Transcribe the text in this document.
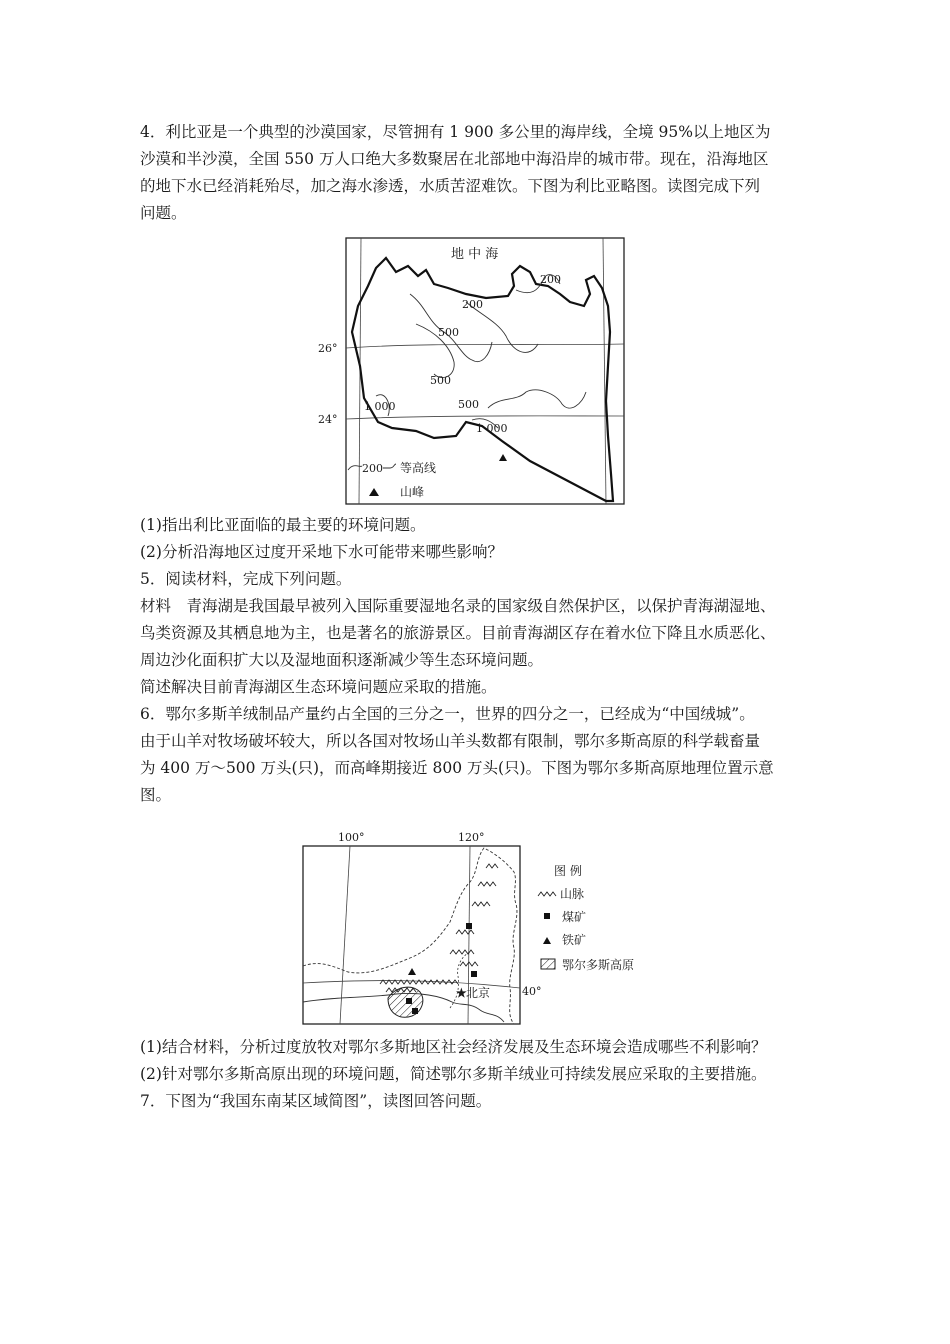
4．利比亚是一个典型的沙漠国家，尽管拥有 1 900 多公里的海岸线，全境 95%以上地区为
沙漠和半沙漠，全国 550 万人口绝大多数聚居在北部地中海沿岸的城市带。现在，沿海地区
的地下水已经消耗殆尽，加之海水渗透，水质苦涩难饮。下图为利比亚略图。读图完成下列
问题。
地 中 海
26°
24°
200
200
500
500
500
1 000
1 000
200 等高线
山峰
(1)指出利比亚面临的最主要的环境问题。
(2)分析沿海地区过度开采地下水可能带来哪些影响？
5．阅读材料，完成下列问题。
材料　青海湖是我国最早被列入国际重要湿地名录的国家级自然保护区，以保护青海湖湿地、
鸟类资源及其栖息地为主，也是著名的旅游景区。目前青海湖区存在着水位下降且水质恶化、
周边沙化面积扩大以及湿地面积逐渐减少等生态环境问题。
简述解决目前青海湖区生态环境问题应采取的措施。
6．鄂尔多斯羊绒制品产量约占全国的三分之一，世界的四分之一，已经成为“中国绒城”。
由于山羊对牧场破坏较大，所以各国对牧场山羊头数都有限制，鄂尔多斯高原的科学载畜量
为 400 万～500 万头(只)，而高峰期接近 800 万头(只)。下图为鄂尔多斯高原地理位置示意
图。
100°	120°
40°
★ 北京
图 例
山脉
煤矿
铁矿
鄂尔多斯高原
(1)结合材料，分析过度放牧对鄂尔多斯地区社会经济发展及生态环境会造成哪些不利影响？
(2)针对鄂尔多斯高原出现的环境问题，简述鄂尔多斯羊绒业可持续发展应采取的主要措施。
7．下图为“我国东南某区域简图”，读图回答问题。
